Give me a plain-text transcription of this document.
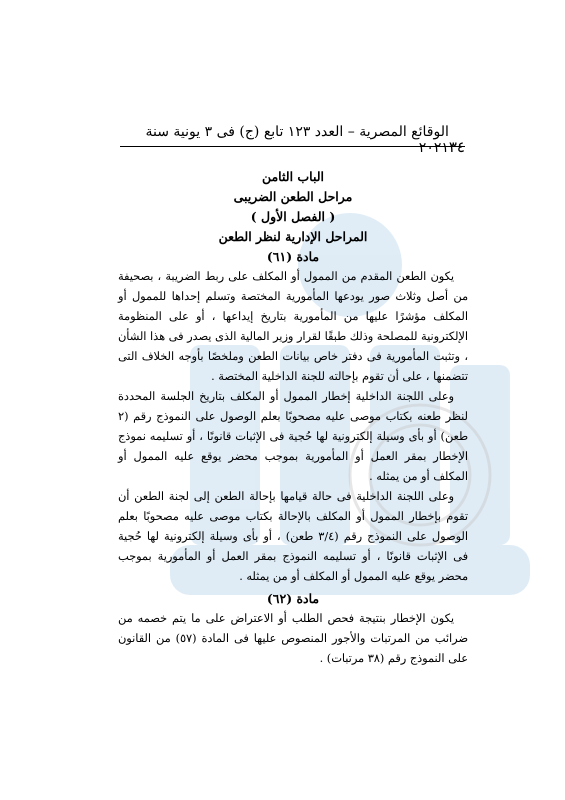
٣٤
الوقائع المصرية – العدد ١٢٣ تابع (ج) فى ٣ يونية سنة ٢٠٢١
الباب الثامن
مراحل الطعن الضريبى
( الفصل الأول )
المراحل الإدارية لنظر الطعن
مادة (٦١)

يكون الطعن المقدم من الممول أو المكلف على ربط الضريبة ، بصحيفة من أصل وثلاث صور يودعها المأمورية المختصة وتسلم إحداها للممول أو المكلف مؤشرًا عليها من المأمورية بتاريخ إيداعها ، أو على المنظومة الإلكترونية للمصلحة وذلك طبقًا لقرار وزير المالية الذى يصدر فى هذا الشأن ، وتثبت المأمورية فى دفتر خاص بيانات الطعن وملخصًا بأوجه الخلاف التى تتضمنها ، على أن تقوم بإحالته للجنة الداخلية المختصة .

وعلى اللجنة الداخلية إخطار الممول أو المكلف بتاريخ الجلسة المحددة لنظر طعنه بكتاب موصى عليه مصحوبًا بعلم الوصول على النموذج رقم (٢ طعن) أو بأى وسيلة إلكترونية لها حُجية فى الإثبات قانونًا ، أو تسليمه نموذج الإخطار بمقر العمل أو المأمورية بموجب محضر يوقع عليه الممول أو المكلف أو من يمثله .

وعلى اللجنة الداخلية فى حالة قيامها بإحالة الطعن إلى لجنة الطعن أن تقوم بإخطار الممول أو المكلف بالإحالة بكتاب موصى عليه مصحوبًا بعلم الوصول على النموذج رقم (٣/٤ طعن) ، أو بأى وسيلة إلكترونية لها حُجية فى الإثبات قانونًا ، أو تسليمه النموذج بمقر العمل أو المأمورية بموجب محضر يوقع عليه الممول أو المكلف أو من يمثله .

مادة (٦٢)

يكون الإخطار بنتيجة فحص الطلب أو الاعتراض على ما يتم خصمه من ضرائب من المرتبات والأجور المنصوص عليها فى المادة (٥٧) من القانون على النموذج رقم (٣٨ مرتبات) .
